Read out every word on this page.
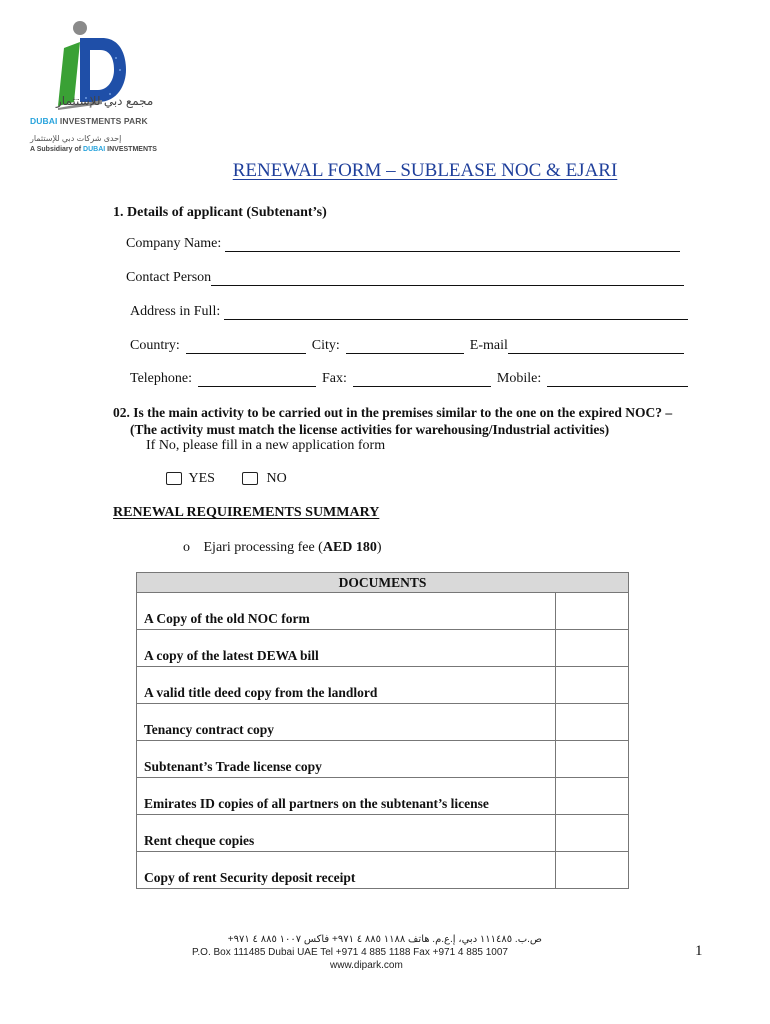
مجمع دبي للإستثمار
DUBAI INVESTMENTS PARK
إحدى شركات دبي للإستثمار
A Subsidiary of DUBAI INVESTMENTS
RENEWAL FORM – SUBLEASE NOC & EJARI
1. Details of applicant (Subtenant’s)
Company Name:
Contact Person
Address in Full:
Country:	City:	E-mail
Telephone:	Fax:	Mobile:
02. Is the main activity to be carried out in the premises similar to the one on the expired NOC? –
(The activity must match the license activities for warehousing/Industrial activities)
If No, please fill in a new application form
YES	NO
RENEWAL REQUIREMENTS SUMMARY
o Ejari processing fee (AED 180)
DOCUMENTS	
A Copy of the old NOC form	
A copy of the latest DEWA bill	
A valid title deed copy from the landlord	
Tenancy contract copy	
Subtenant’s Trade license copy	
Emirates ID copies of all partners on the subtenant’s license	
Rent cheque copies	
Copy of rent Security deposit receipt	
ص.ب. ١١١٤٨٥ دبي، إ.ع.م. هاتف ١١٨٨ ٨٨٥ ٤ ٩٧١+ فاكس ١٠٠٧ ٨٨٥ ٤ ٩٧١+
P.O. Box 111485 Dubai UAE Tel +971 4 885 1188 Fax +971 4 885 1007
www.dipark.com
1
